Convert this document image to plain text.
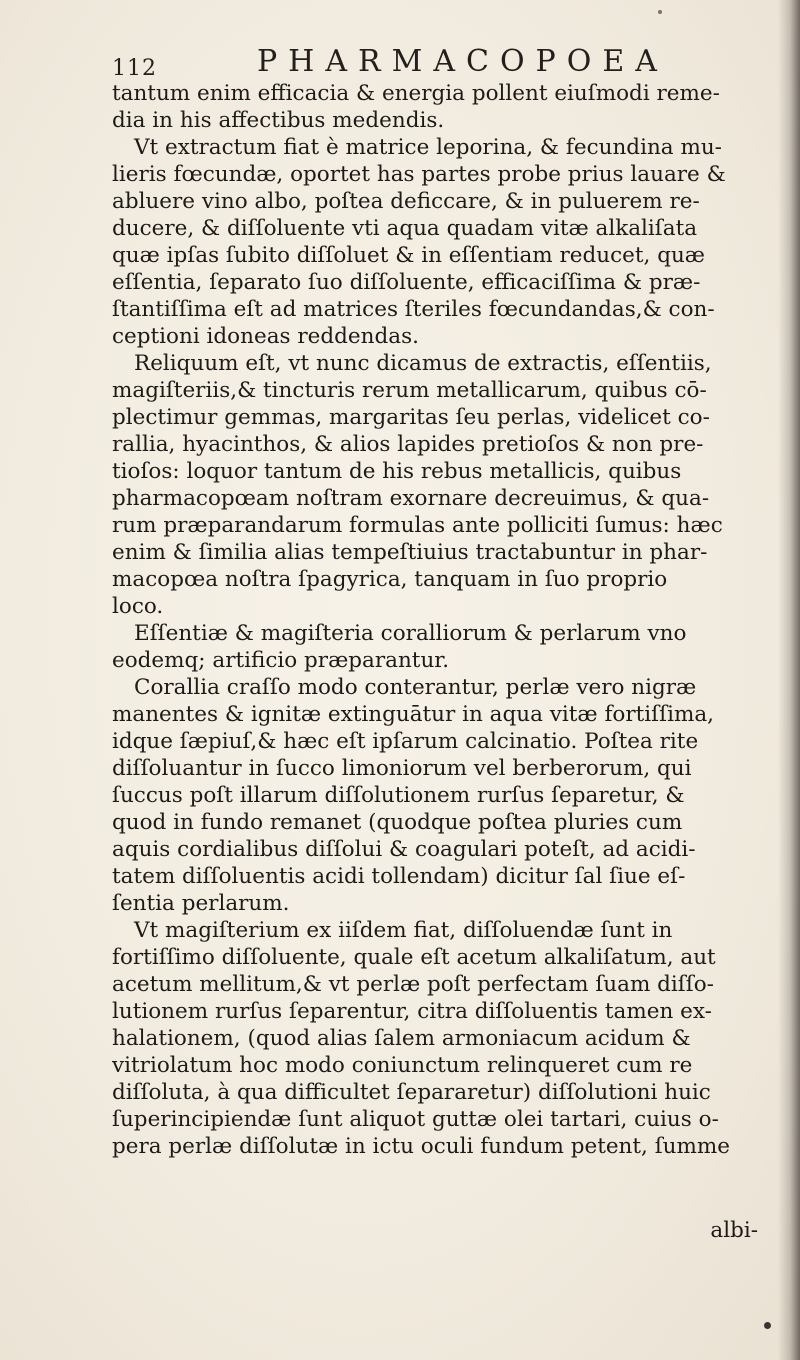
112	PHARMACOPOEA
tantum enim efficacia & energia pollent eiuſmodi reme-
dia in his affectibus medendis.
Vt extractum fiat è matrice leporina, & fecundina mu-
lieris fœcundæ, oportet has partes probe prius lauare &
abluere vino albo, poſtea deficcare, & in puluerem re-
ducere, & diſſoluente vti aqua quadam vitæ alkaliſata
quæ ipſas ſubito diſſoluet & in eſſentiam reducet, quæ
eſſentia, ſeparato ſuo diſſoluente, efficaciſſima & præ-
ſtantiſſima eſt ad matrices ſteriles fœcundandas,& con-
ceptioni idoneas reddendas.
Reliquum eſt, vt nunc dicamus de extractis, eſſentiis,
magiſteriis,& tincturis rerum metallicarum, quibus cō-
plectimur gemmas, margaritas ſeu perlas, videlicet co-
rallia, hyacinthos, & alios lapides pretioſos & non pre-
tioſos: loquor tantum de his rebus metallicis, quibus
pharmacopœam noſtram exornare decreuimus, & qua-
rum præparandarum formulas ante polliciti ſumus: hæc
enim & ſimilia alias tempeſtiuius tractabuntur in phar-
macopœa noſtra ſpagyrica, tanquam in ſuo proprio
loco.
Eſſentiæ & magiſteria coralliorum & perlarum vno
eodemq; artificio præparantur.
Corallia craſſo modo conterantur, perlæ vero nigræ
manentes & ignitæ extinguātur in aqua vitæ fortiſſima,
idque ſæpiuſ,& hæc eſt ipſarum calcinatio. Poſtea rite
diſſoluantur in ſucco limoniorum vel berberorum, qui
ſuccus poſt illarum diſſolutionem rurſus ſeparetur, &
quod in fundo remanet (quodque poſtea pluries cum
aquis cordialibus diſſolui & coagulari poteſt, ad acidi-
tatem diſſoluentis acidi tollendam) dicitur ſal ſiue eſ-
ſentia perlarum.
Vt magiſterium ex iiſdem fiat, diſſoluendæ ſunt in
fortiſſimo diſſoluente, quale eſt acetum alkaliſatum, aut
acetum mellitum,& vt perlæ poſt perfectam ſuam diſſo-
lutionem rurſus ſeparentur, citra diſſoluentis tamen ex-
halationem, (quod alias ſalem armoniacum acidum &
vitriolatum hoc modo coniunctum relinqueret cum re
diſſoluta, à qua difficultet ſepararetur) diſſolutioni huic
ſuperincipiendæ ſunt aliquot guttæ olei tartari, cuius o-
pera perlæ diſſolutæ in ictu oculi fundum petent, ſumme
albi-
